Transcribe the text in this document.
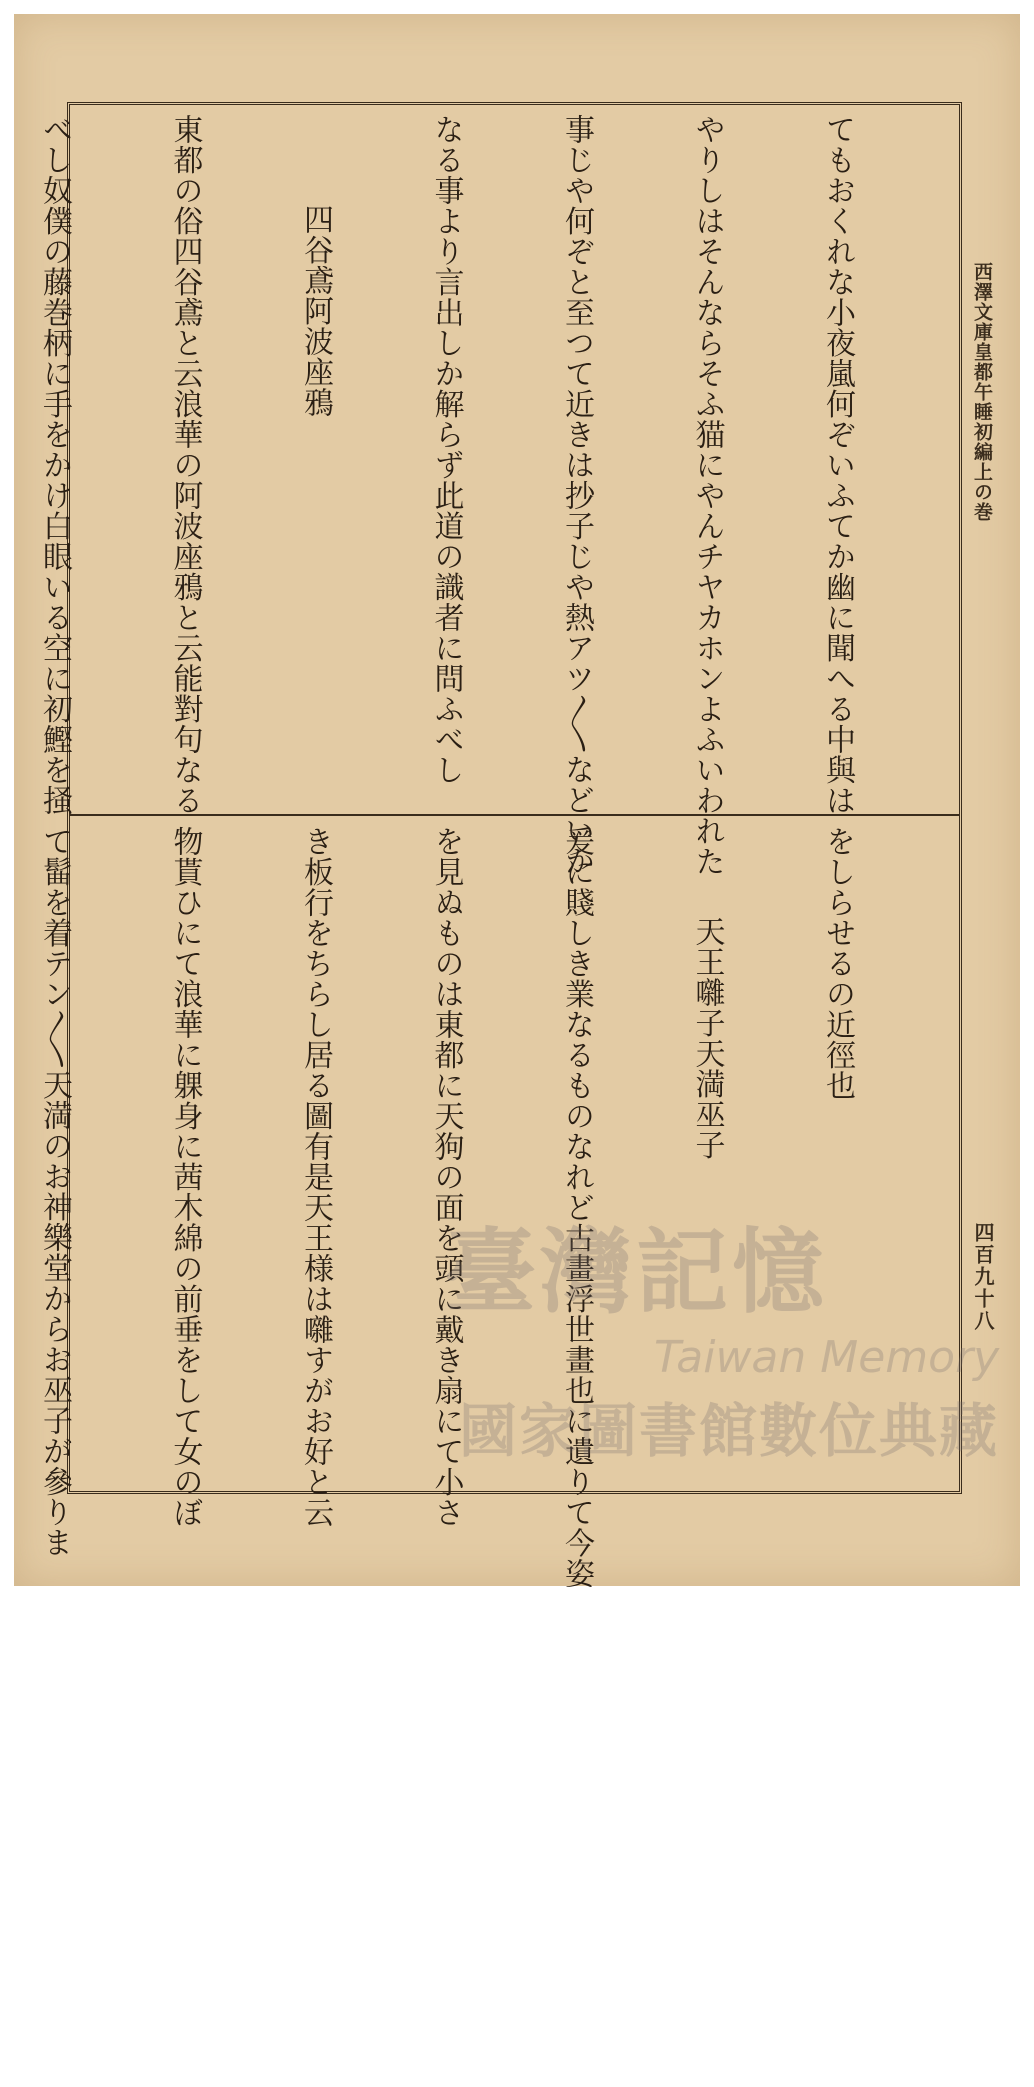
西澤文庫皇都午睡初編上の巻
四百九十八

てもおくれな小夜嵐何ぞいふてか幽に聞へる中與は

やりしはそんならそふ猫にやんチヤカホンよふいわれた

事じや何ぞと至つて近きは抄子じや熱アツ〳〵などいか

なる事より言出しか解らず此道の識者に問ふべし

四谷鳶阿波座鴉

東都の俗四谷鳶と云浪華の阿波座鴉と云能對句なる

べし奴僕の藤巻柄に手をかけ白眼いる空に初鰹を掻

をしらせるの近徑也

天王囃子天満巫子

爰に賤しき業なるものなれど古畫浮世畫也に遺りて今姿

を見ぬものは東都に天狗の面を頭に戴き扇にて小さ

き板行をちらし居る圖有是天王様は囃すがお好と云

物貰ひにて浪華に躶身に茜木綿の前垂をして女のぼ

て髷を着テン〳〵天満のお神樂堂からお巫子が參りま

	臺灣記憶
Taiwan Memory
國家圖書館數位典藏
